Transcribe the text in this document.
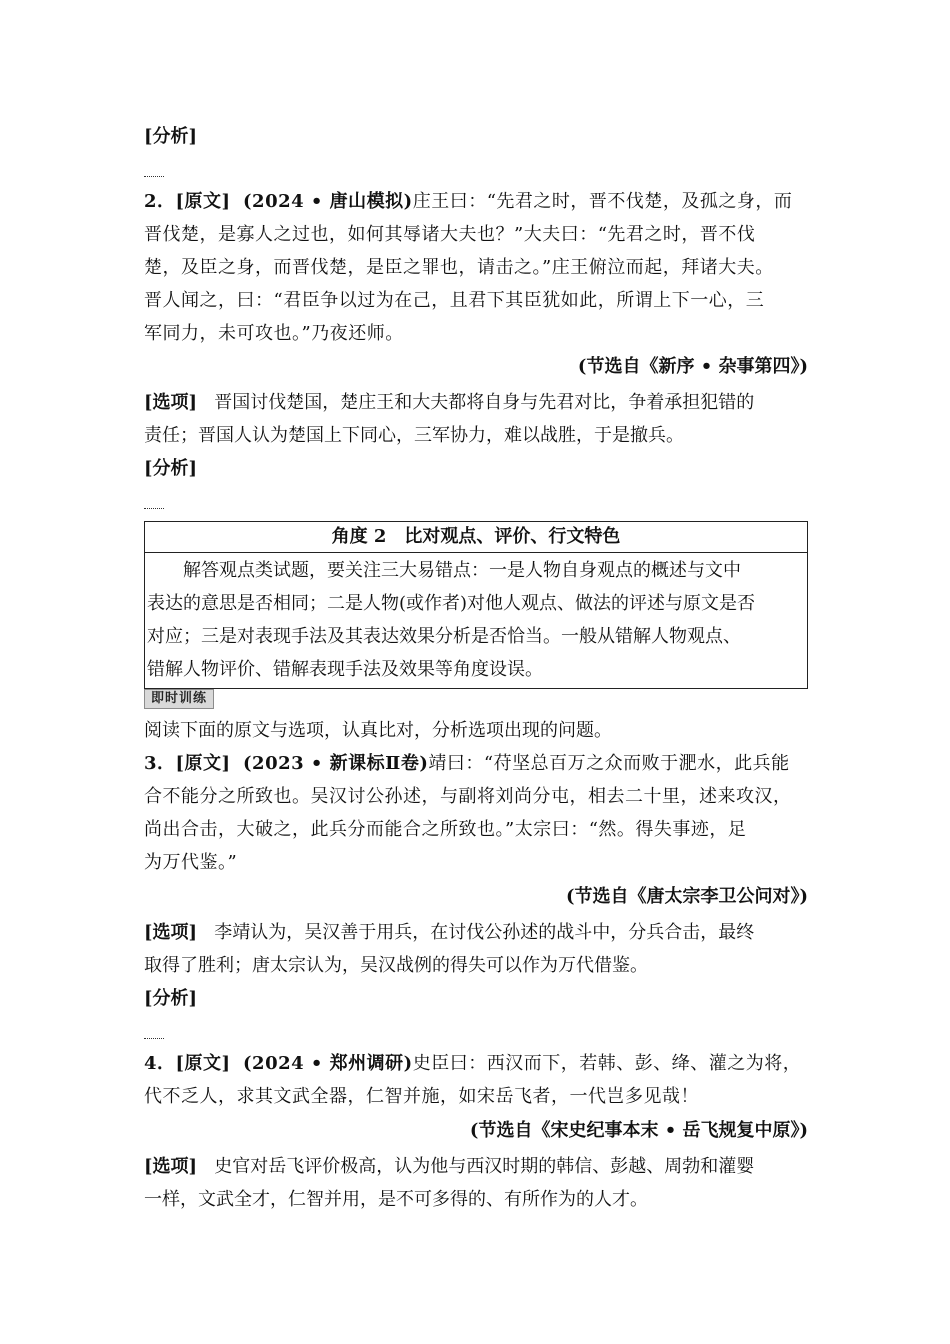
[分析]
2．[原文] (2024 • 唐山模拟)庄王曰：“先君之时，晋不伐楚，及孤之身，而
晋伐楚，是寡人之过也，如何其辱诸大夫也？”大夫曰：“先君之时，晋不伐
楚，及臣之身，而晋伐楚，是臣之罪也，请击之。”庄王俯泣而起，拜诸大夫。
晋人闻之，曰：“君臣争以过为在己，且君下其臣犹如此，所谓上下一心，三
军同力，未可攻也。”乃夜还师。
(节选自《新序 • 杂事第四》)
[选项] 晋国讨伐楚国，楚庄王和大夫都将自身与先君对比，争着承担犯错的
责任；晋国人认为楚国上下同心，三军协力，难以战胜，于是撤兵。
[分析]
角度 2　比对观点、评价、行文特色
　　解答观点类试题，要关注三大易错点：一是人物自身观点的概述与文中
表达的意思是否相同；二是人物(或作者)对他人观点、做法的评述与原文是否
对应；三是对表现手法及其表达效果分析是否恰当。一般从错解人物观点、
错解人物评价、错解表现手法及效果等角度设误。
即时训练
阅读下面的原文与选项，认真比对，分析选项出现的问题。
3．[原文] (2023 • 新课标Ⅱ卷)靖曰：“苻坚总百万之众而败于淝水，此兵能
合不能分之所致也。吴汉讨公孙述，与副将刘尚分屯，相去二十里，述来攻汉，
尚出合击，大破之，此兵分而能合之所致也。”太宗曰：“然。得失事迹，足
为万代鉴。”
(节选自《唐太宗李卫公问对》)
[选项] 李靖认为，吴汉善于用兵，在讨伐公孙述的战斗中，分兵合击，最终
取得了胜利；唐太宗认为，吴汉战例的得失可以作为万代借鉴。
[分析]
4．[原文] (2024 • 郑州调研)史臣曰：西汉而下，若韩、彭、绛、灌之为将，
代不乏人，求其文武全器，仁智并施，如宋岳飞者，一代岂多见哉！
(节选自《宋史纪事本末 • 岳飞规复中原》)
[选项] 史官对岳飞评价极高，认为他与西汉时期的韩信、彭越、周勃和灌婴
一样，文武全才，仁智并用，是不可多得的、有所作为的人才。
